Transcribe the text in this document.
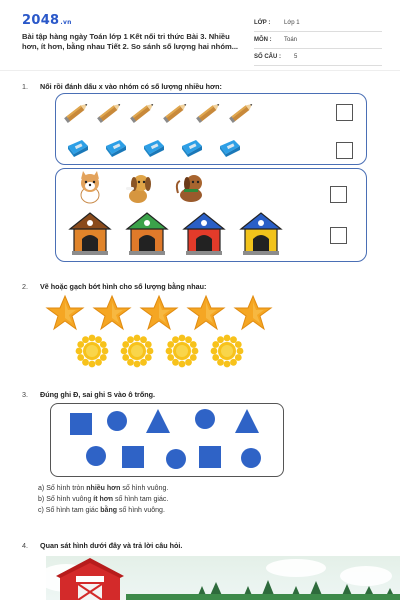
2048.vn
Bài tập hàng ngày Toán lớp 1 Kết nối tri thức Bài 3. Nhiều hơn, ít hơn, bằng nhau Tiết 2. So sánh số lượng hai nhóm...
LỚP :	Lớp 1
MÔN :	Toán
SỐ CÂU :	5
1. Nối rồi đánh dấu x vào nhóm có số lượng nhiều hơn:
2. Vẽ hoặc gạch bớt hình cho số lượng bằng nhau:
3. Đúng ghi Đ, sai ghi S vào ô trống.
a) Số hình tròn nhiều hơn số hình vuông.
b) Số hình vuông ít hơn số hình tam giác.
c) Số hình tam giác bằng số hình vuông.
4. Quan sát hình dưới đây và trả lời câu hỏi.
